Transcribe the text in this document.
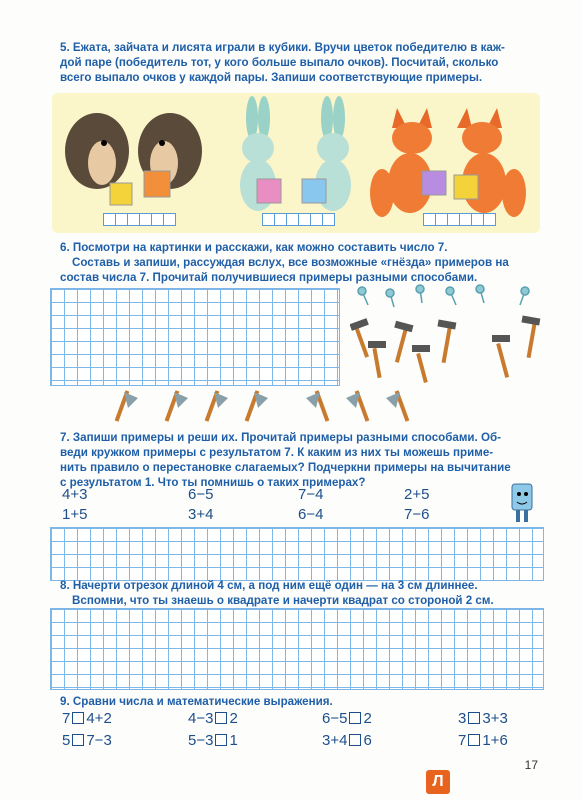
5. Ежата, зайчата и лисята играли в кубики. Вручи цветок победителю в каж-
дой паре (победитель тот, у кого больше выпало очков). Посчитай, сколько
всего выпало очков у каждой пары. Запиши соответствующие примеры.
6. Посмотри на картинки и расскажи, как можно составить число 7.
Составь и запиши, рассуждая вслух, все возможные «гнёзда» примеров на
состав числа 7. Прочитай получившиеся примеры разными способами.
7. Запиши примеры и реши их. Прочитай примеры разными способами. Об-
веди кружком примеры с результатом 7. К каким из них ты можешь приме-
нить правило о перестановке слагаемых? Подчеркни примеры на вычитание
с результатом 1. Что ты помнишь о таких примерах?
4+3	6−5	7−4	2+5
1+5	3+4	6−4	7−6
8. Начерти отрезок длиной 4 см, а под ним ещё один — на 3 см длиннее.
Вспомни, что ты знаешь о квадрате и начерти квадрат со стороной 2 см.
9. Сравни числа и математические выражения.
7 4+2	4−3 2	6−5 2	3 3+3
5 7−3	5−3 1	3+4 6	7 1+6
Л
17
